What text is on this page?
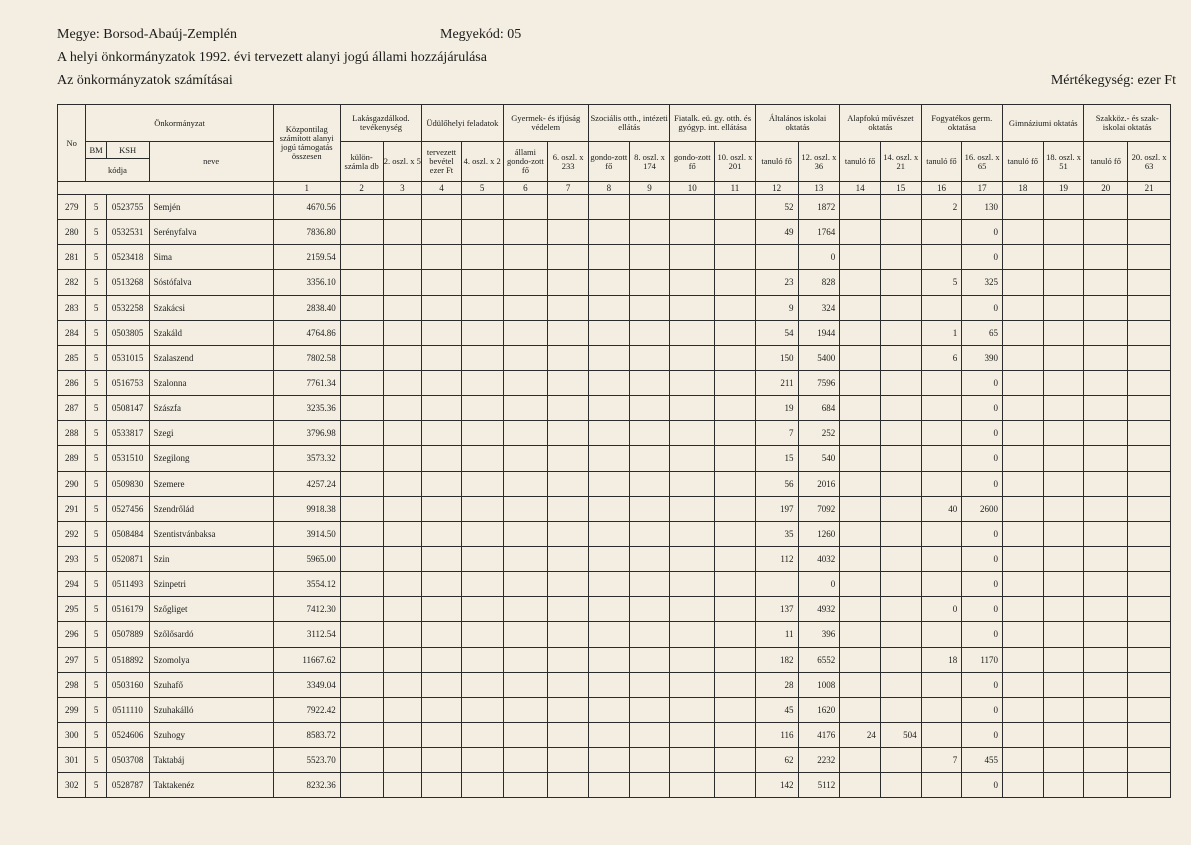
Megye: Borsod-Abaúj-Zemplén	Megyekód: 05
A helyi önkormányzatok 1992. évi tervezett alanyi jogú állami hozzájárulása
Az önkormányzatok számításai	Mértékegység: ezer Ft
No	Önkormányzat			Központilag számított alanyi jogú támogatás összesen	Lakásgazdálkod. tevékenység		Üdülőhelyi feladatok		Gyermek- és ifjúság védelem		Szociális otth., intézeti ellátás		Fiatalk. eü. gy. otth. és gyógyp. int. ellátása		Általános iskolai oktatás		Alapfokú művészet oktatás		Fogyatékos germ. oktatása		Gimnáziumi oktatás		Szakköz.- és szak-iskolai oktatás	
	BM	KSH	neve		külön-számla db	2. oszl. x 5	tervezett bevétel ezer Ft	4. oszl. x 2	állami gondo-zott fő	6. oszl. x 233	gondo-zott fő	8. oszl. x 174	gondo-zott fő	10. oszl. x 201	tanuló fő	12. oszl. x 36	tanuló fő	14. oszl. x 21	tanuló fő	16. oszl. x 65	tanuló fő	18. oszl. x 51	tanuló fő	20. oszl. x 63
	kódja																							
				1	2	3	4	5	6	7	8	9	10	11	12	13	14	15	16	17	18	19	20	21
279	5	0523755	Semjén	4670.56											52	1872			2	130				
280	5	0532531	Serényfalva	7836.80											49	1764				0				
281	5	0523418	Sima	2159.54												0				0				
282	5	0513268	Sóstófalva	3356.10											23	828			5	325				
283	5	0532258	Szakácsi	2838.40											9	324				0				
284	5	0503805	Szakáld	4764.86											54	1944			1	65				
285	5	0531015	Szalaszend	7802.58											150	5400			6	390				
286	5	0516753	Szalonna	7761.34											211	7596				0				
287	5	0508147	Szászfa	3235.36											19	684				0				
288	5	0533817	Szegi	3796.98											7	252				0				
289	5	0531510	Szegilong	3573.32											15	540				0				
290	5	0509830	Szemere	4257.24											56	2016				0				
291	5	0527456	Szendrőlád	9918.38											197	7092			40	2600				
292	5	0508484	Szentistvánbaksa	3914.50											35	1260				0				
293	5	0520871	Szin	5965.00											112	4032				0				
294	5	0511493	Szinpetri	3554.12												0				0				
295	5	0516179	Szőgliget	7412.30											137	4932			0	0				
296	5	0507889	Szőlősardó	3112.54											11	396				0				
297	5	0518892	Szomolya	11667.62											182	6552			18	1170				
298	5	0503160	Szuhafő	3349.04											28	1008				0				
299	5	0511110	Szuhakálló	7922.42											45	1620				0				
300	5	0524606	Szuhogy	8583.72											116	4176	24	504		0				
301	5	0503708	Taktabáj	5523.70											62	2232			7	455				
302	5	0528787	Taktakenéz	8232.36											142	5112				0				
